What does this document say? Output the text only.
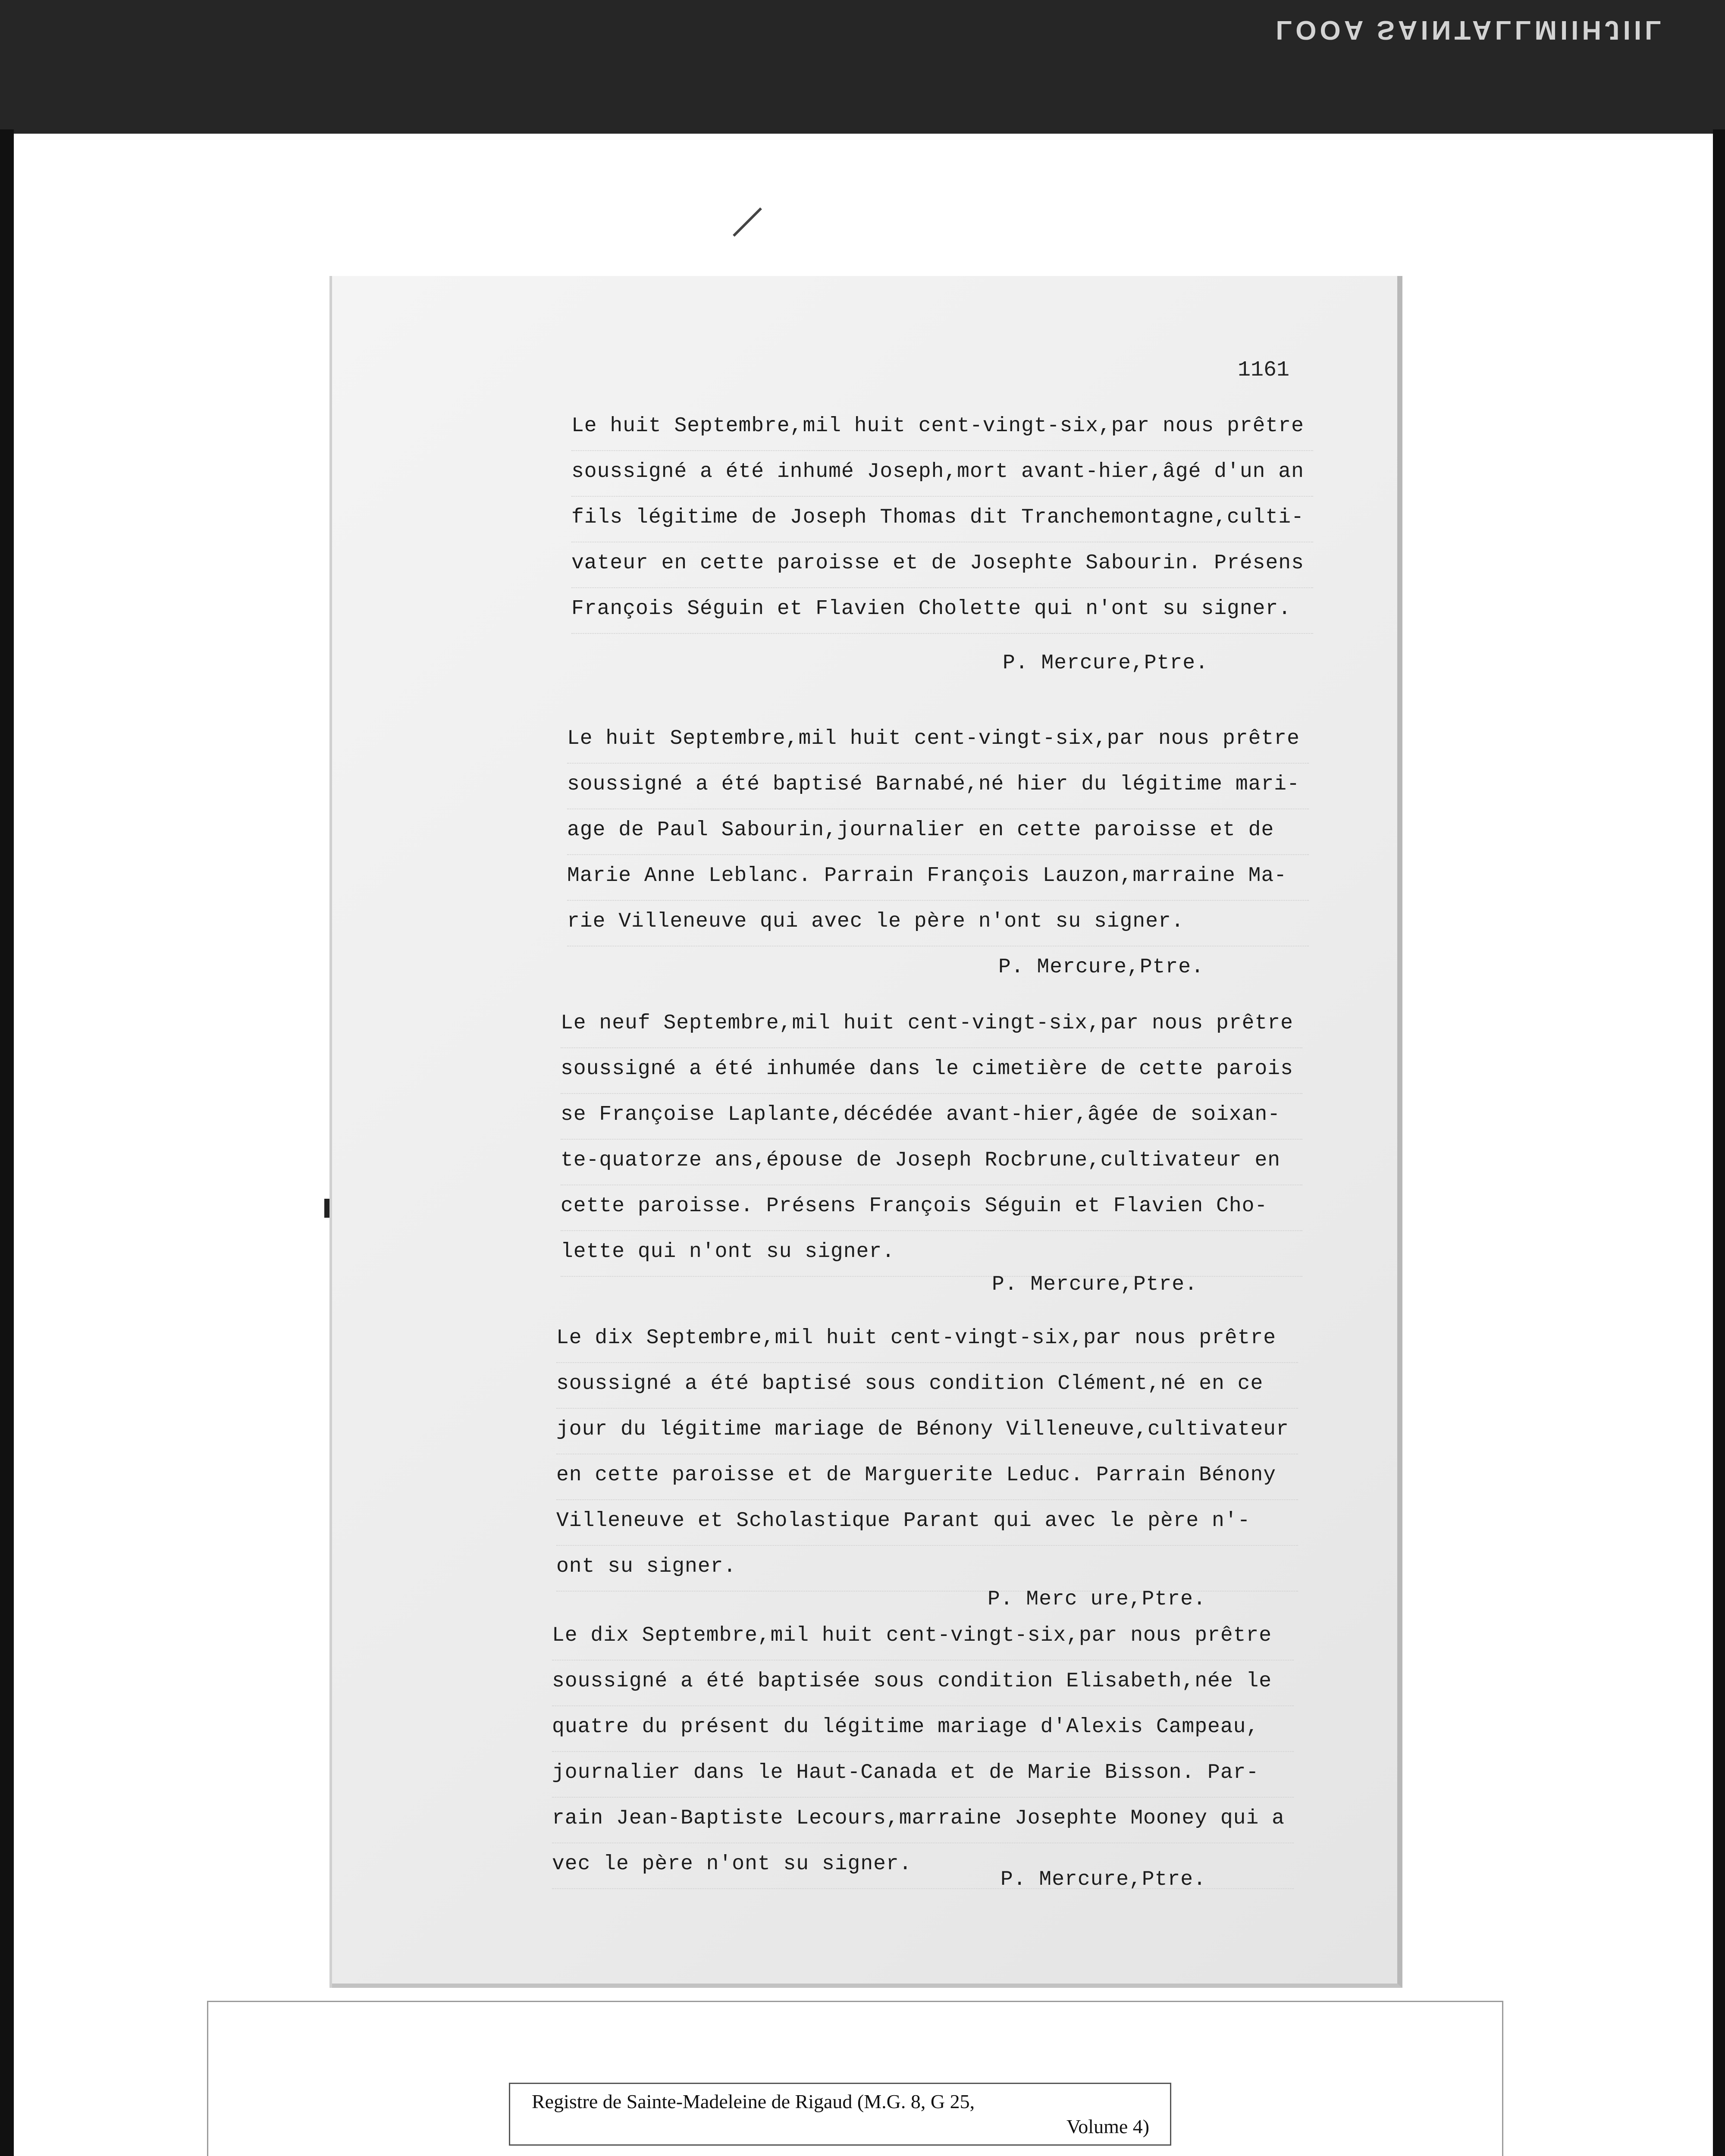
LOOA SAINTALLMIIHJIIL
1161
Le huit Septembre,mil huit cent-vingt-six,par nous prêtre
soussigné a été inhumé Joseph,mort avant-hier,âgé d'un an
fils légitime de Joseph Thomas dit Tranchemontagne,culti-
vateur en cette paroisse et de Josephte Sabourin. Présens
François Séguin et Flavien Cholette qui n'ont su signer.
P. Mercure,Ptre.
Le huit Septembre,mil huit cent-vingt-six,par nous prêtre
soussigné a été baptisé Barnabé,né hier du légitime mari-
age de Paul Sabourin,journalier en cette paroisse et de
Marie Anne Leblanc. Parrain François Lauzon,marraine Ma-
rie Villeneuve qui avec le père n'ont su signer.
P. Mercure,Ptre.
Le neuf Septembre,mil huit cent-vingt-six,par nous prêtre
soussigné a été inhumée dans le cimetière de cette parois
se Françoise Laplante,décédée avant-hier,âgée de soixan-
te-quatorze ans,épouse de Joseph Rocbrune,cultivateur en
cette paroisse. Présens François Séguin et Flavien Cho-
lette qui n'ont su signer.
P. Mercure,Ptre.
Le dix Septembre,mil huit cent-vingt-six,par nous prêtre
soussigné a été baptisé sous condition Clément,né en ce
jour du légitime mariage de Bénony Villeneuve,cultivateur
en cette paroisse et de Marguerite Leduc. Parrain Bénony
Villeneuve et Scholastique Parant qui avec le père n'-
ont su signer.
P. Merc ure,Ptre.
Le dix Septembre,mil huit cent-vingt-six,par nous prêtre
soussigné a été baptisée sous condition Elisabeth,née le
quatre du présent du légitime mariage d'Alexis Campeau,
journalier dans le Haut-Canada et de Marie Bisson. Par-
rain Jean-Baptiste Lecours,marraine Josephte Mooney qui a
vec le père n'ont su signer.
P. Mercure,Ptre.
Registre de Sainte-Madeleine de Rigaud (M.G. 8, G 25,
Volume 4)
